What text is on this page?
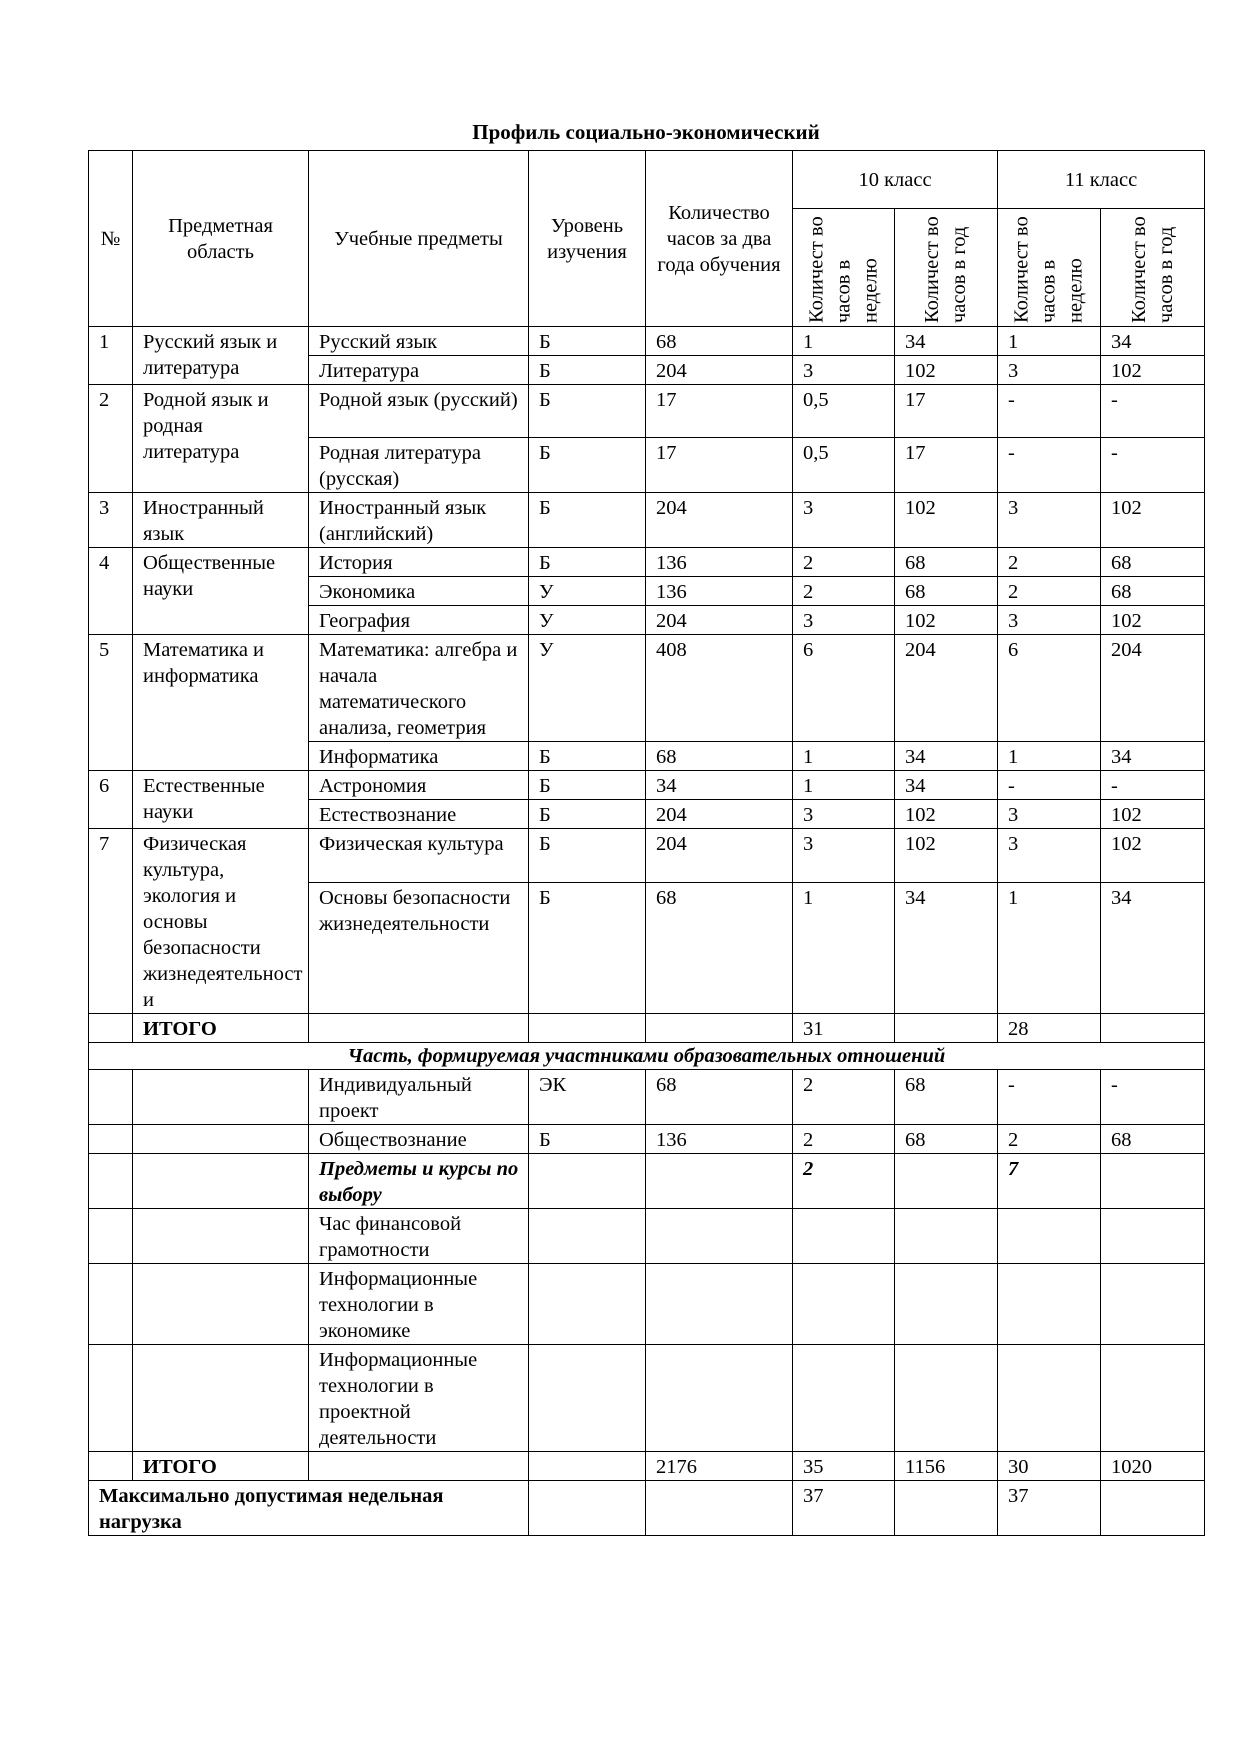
Профиль социально-экономический
№	Предметная область	Учебные предметы	Уровень изучения	Количество часов за два года обучения	10 класс		11 класс	

					Количест во часов в неделю	Количест во часов в год	Количест во часов в неделю	Количест во часов в год

1	Русский язык и литература	Русский язык	Б	68	1	34	1	34
		Литература	Б	204	3	102	3	102
2	Родной язык и родная литература	Родной язык (русский)	Б	17	0,5	17	-	-
		Родная литература (русская)	Б	17	0,5	17	-	-
3	Иностранный язык	Иностранный язык (английский)	Б	204	3	102	3	102
4	Общественные науки	История	Б	136	2	68	2	68
		Экономика	У	136	2	68	2	68
		География	У	204	3	102	3	102
5	Математика и информатика	Математика: алгебра и начала математического анализа, геометрия	У	408	6	204	6	204
		Информатика	Б	68	1	34	1	34
6	Естественные науки	Астрономия	Б	34	1	34	-	-
		Естествознание	Б	204	3	102	3	102
7	Физическая культура, экология и основы безопасности жизнедеятельности	Физическая культура	Б	204	3	102	3	102
		Основы безопасности жизнедеятельности	Б	68	1	34	1	34
	ИТОГО				31		28	
Часть, формируемая участниками образовательных отношений								
		Индивидуальный проект	ЭК	68	2	68	-	-
		Обществознание	Б	136	2	68	2	68
		Предметы и курсы по выбору			2		7	
		Час финансовой грамотности						
		Информационные технологии в экономике						
		Информационные технологии в проектной деятельности						
	ИТОГО			2176	35	1156	30	1020
Максимально допустимая недельная нагрузка					37		37	
